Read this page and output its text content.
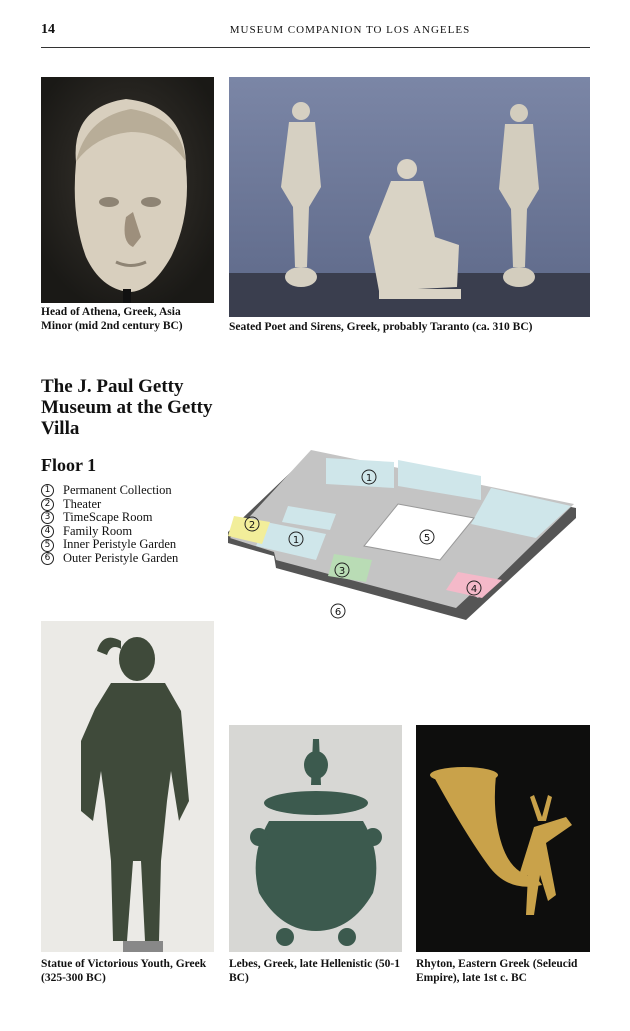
14	MUSEUM COMPANION TO LOS ANGELES
Head of Athena, Greek, Asia Minor (mid 2nd century BC)	Seated Poet and Sirens, Greek, probably Taranto (ca. 310 BC)
The J. Paul Getty Museum at the Getty Villa
Floor 1
1 Permanent Collection
2 Theater
3 TimeScape Room
4 Family Room
5 Inner Peristyle Garden
6 Outer Peristyle Garden
1
1
2
3
4
5
6
Statue of Victorious Youth, Greek (325-300 BC)
Lebes, Greek, late Hellenistic (50-1 BC)
Rhyton, Eastern Greek (Seleucid Empire), late 1st c. BC
